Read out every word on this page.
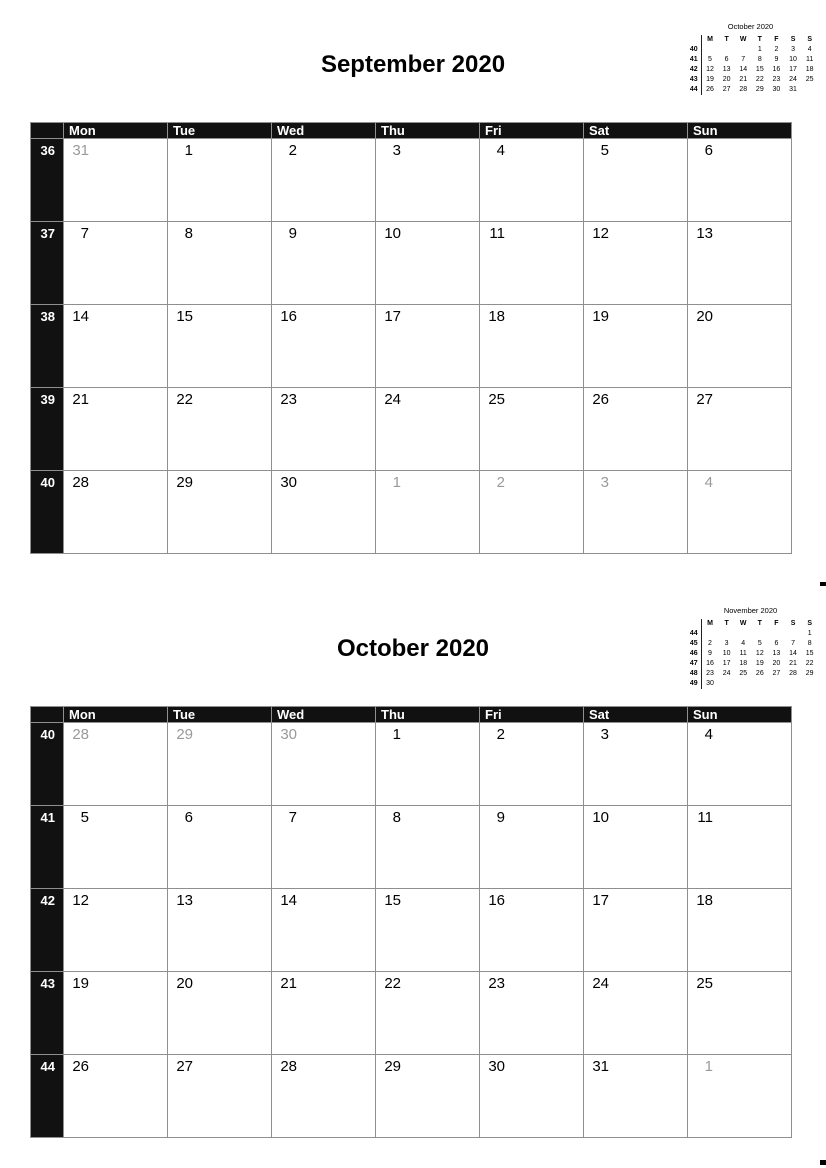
October 2020
	M	T	W	T	F	S	S
40				1	2	3	4
41	5	6	7	8	9	10	11
42	12	13	14	15	16	17	18
43	19	20	21	22	23	24	25
44	26	27	28	29	30	31	
September 2020
	Mon	Tue	Wed	Thu	Fri	Sat	Sun
36	31	1	2	3	4	5	6
37	7	8	9	10	11	12	13
38	14	15	16	17	18	19	20
39	21	22	23	24	25	26	27
40	28	29	30	1	2	3	4
November 2020
	M	T	W	T	F	S	S
44							1
45	2	3	4	5	6	7	8
46	9	10	11	12	13	14	15
47	16	17	18	19	20	21	22
48	23	24	25	26	27	28	29
49	30						
October 2020
	Mon	Tue	Wed	Thu	Fri	Sat	Sun
40	28	29	30	1	2	3	4
41	5	6	7	8	9	10	11
42	12	13	14	15	16	17	18
43	19	20	21	22	23	24	25
44	26	27	28	29	30	31	1
